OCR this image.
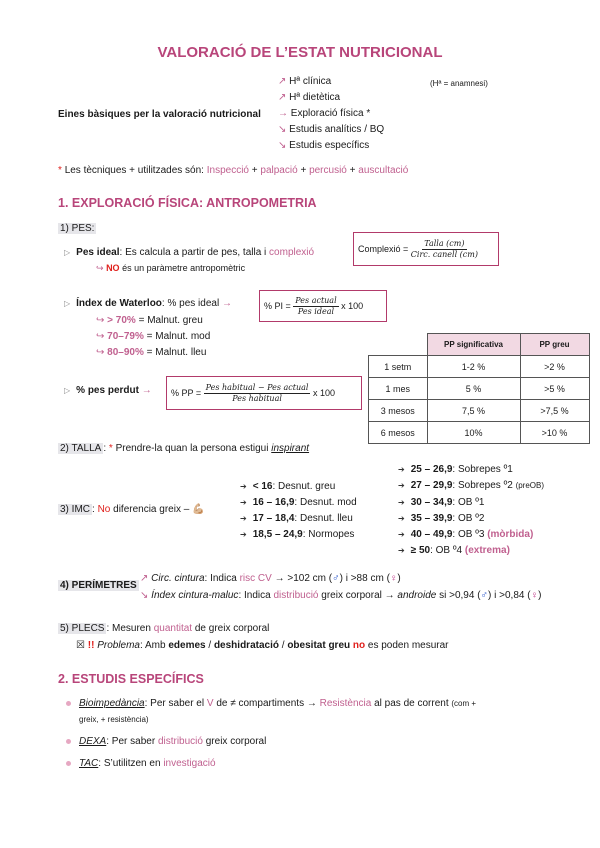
VALORACIÓ DE L’ESTAT NUTRICIONAL
↗ Hª clínica	(Hª = anamnesi)
↗ Hª dietètica
Eines bàsiques per la valoració nutricional → Exploració física *
↘ Estudis analítics / BQ
↘ Estudis específics
* Les tècniques + utilitzades són: Inspecció + palpació + percusió + auscultació
1. EXPLORACIÓ FÍSICA: ANTROPOMETRIA
1) PES:
▷ Pes ideal: Es calcula a partir de pes, talla i complexió
↪ NO és un paràmetre antropomètric
Complexió =
$\frac{\text{Talla (cm)}}{\text{Circ. canell (cm)}}$
▷ Índex de Waterloo: % pes ideal →	% PI =
$\frac{\text{Pes actual}}{\text{Pes ideal}}$
x 100
↪ > 70% = Malnut. greu
↪ 70–79% = Malnut. mod
↪ 80–90% = Malnut. lleu
	PP significativa	PP greu
1 setm	1-2 %	>2 %
1 mes	5 %	>5 %
3 mesos	7,5 %	>7,5 %
6 mesos	10%	>10 %
▷ % pes perdut → % PP =
$\frac{\text{Pes habitual − Pes actual}}{\text{Pes habitual}}$
x 100
2) TALLA : * Prendre-la quan la persona estigui inspirant
3) IMC : No diferencia greix – 💪🏼
➔ < 16: Desnut. greu
➔ 16 – 16,9: Desnut. mod
➔ 17 – 18,4: Desnut. lleu
➔ 18,5 – 24,9: Normopes
➔ 25 – 26,9: Sobrepes º1
➔ 27 – 29,9: Sobrepes º2 (preOB)
➔ 30 – 34,9: OB º1
➔ 35 – 39,9: OB º2
➔ 40 – 49,9: OB º3 (mòrbida)
➔ ≥ 50: OB º4 (extrema)
4) PERÍMETRES
↗ Circ. cintura: Indica risc CV → >102 cm (♂) i >88 cm (♀)
↘ Índex cintura-maluc: Indica distribució greix corporal → androide si >0,94 (♂) i >0,84 (♀)
5) PLECS : Mesuren quantitat de greix corporal
☒ !! Problema: Amb edemes / deshidratació / obesitat greu no es poden mesurar
2. ESTUDIS ESPECÍFICS
Bioimpedància: Per saber el V de ≠ compartiments → Resistència al pas de corrent (com +
greix, + resistència)
DEXA: Per saber distribució greix corporal
TAC: S’utilitzen en investigació
